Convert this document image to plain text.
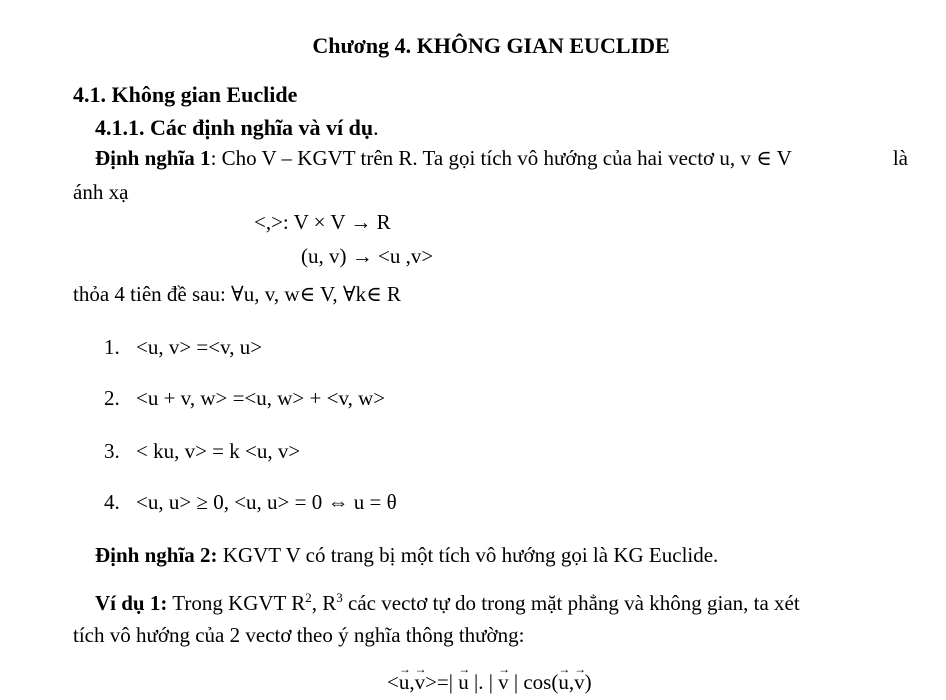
Chương 4. KHÔNG GIAN EUCLIDE
4.1. Không gian Euclide
4.1.1. Các định nghĩa và ví dụ.
Định nghĩa 1: Cho V – KGVT trên R. Ta gọi tích vô hướng của hai vectơ u, v ∈ V	là
ánh xạ
<,>: V × V → R
(u, v) → <u ,v>
thỏa 4 tiên đề sau: ∀u, v, w∈ V, ∀k∈ R
1. <u, v> =<v, u>
2. <u + v, w> =<u, w> + <v, w>
3. < ku, v> = k <u, v>
4. <u, u> ≥ 0, <u, u> = 0 ⇔ u = θ
Định nghĩa 2: KGVT V có trang bị một tích vô hướng gọi là KG Euclide.
Ví dụ 1: Trong KGVT $R^2$, $R^3$ các vectơ tự do trong mặt phẳng và không gian, ta xét
tích vô hướng của 2 vectơ theo ý nghĩa thông thường:
<→ u,→ v>=| → u |. | → v | cos(→ u,→ v)
